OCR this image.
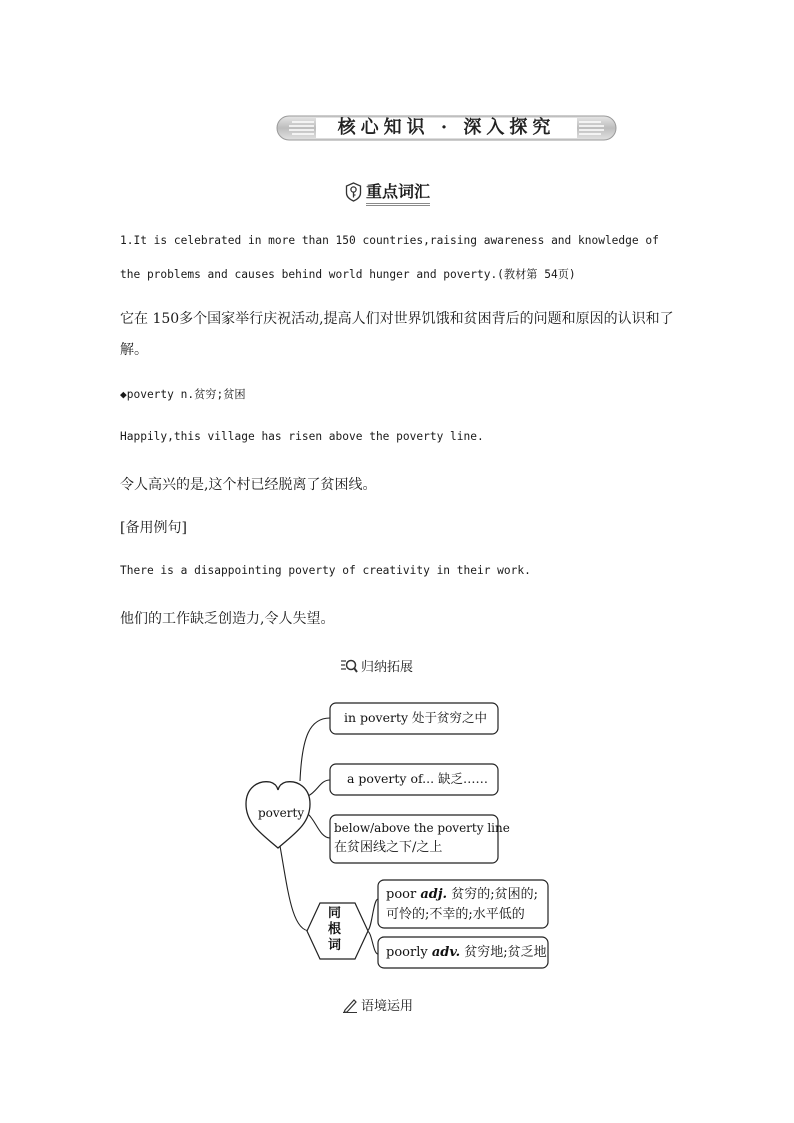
核心知识 · 深入探究
重点词汇
1.It is celebrated in more than 150 countries,raising awareness and knowledge of
the problems and causes behind world hunger and poverty.(教材第 54页)
它在 150多个国家举行庆祝活动,提高人们对世界饥饿和贫困背后的问题和原因的认识和了
解。
◆poverty n.贫穷;贫困
Happily,this village has risen above the poverty line.
令人高兴的是,这个村已经脱离了贫困线。
[备用例句]
There is a disappointing poverty of creativity in their work.
他们的工作缺乏创造力,令人失望。
归纳拓展
poverty
in poverty 处于贫穷之中
a poverty of... 缺乏……
below/above the poverty line
在贫困线之下/之上
同
根
词
poor adj. 贫穷的;贫困的;
可怜的;不幸的;水平低的
poorly adv. 贫穷地;贫乏地
语境运用
